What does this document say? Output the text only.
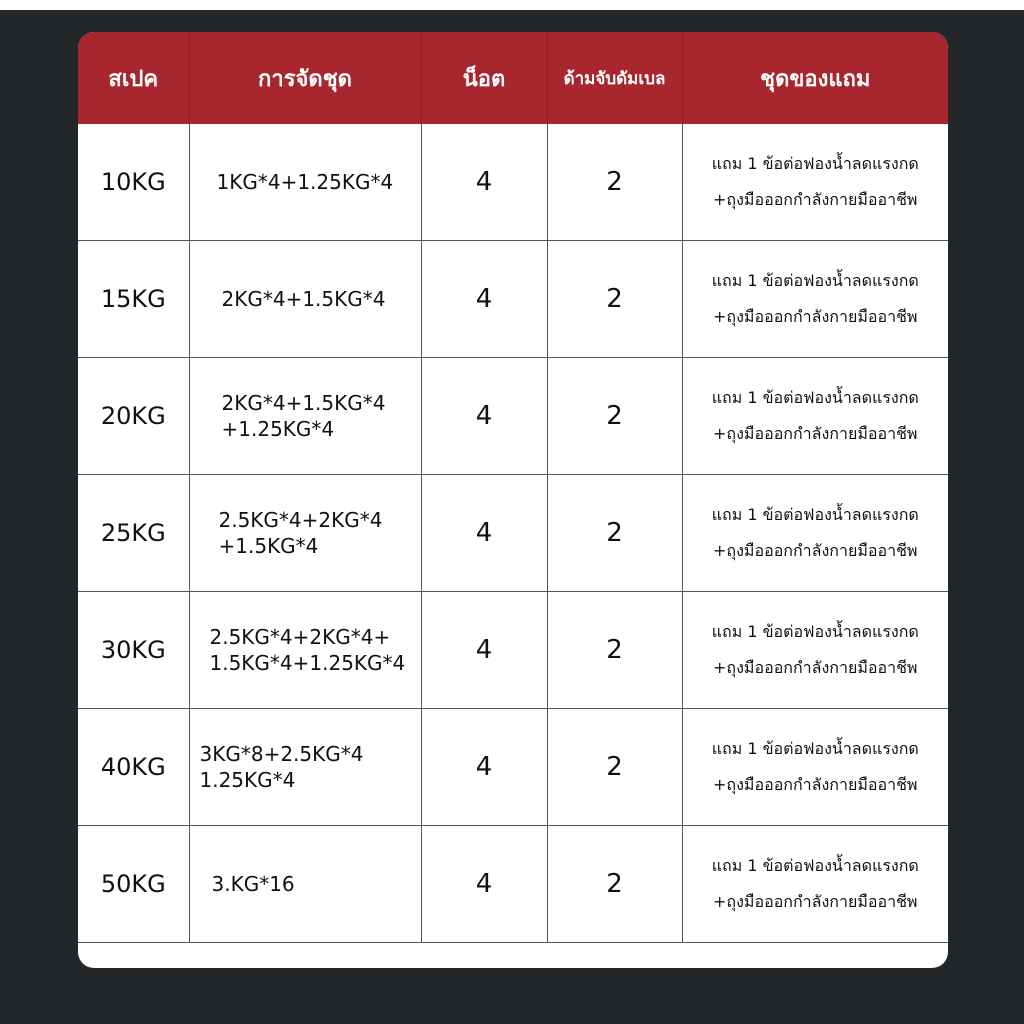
สเปค	การจัดชุด	น็อต	ด้ามจับดัมเบล	ชุดของแถม
10KG	1KG*4+1.25KG*4	4	2	แถม 1 ข้อต่อฟองน้ำลดแรงกด
+ถุงมือออกกำลังกายมืออาชีพ

15KG	2KG*4+1.5KG*4	4	2	แถม 1 ข้อต่อฟองน้ำลดแรงกด
+ถุงมือออกกำลังกายมืออาชีพ

20KG	2KG*4+1.5KG*4
+1.25KG*4	4	2	แถม 1 ข้อต่อฟองน้ำลดแรงกด
+ถุงมือออกกำลังกายมืออาชีพ

25KG	2.5KG*4+2KG*4
+1.5KG*4	4	2	แถม 1 ข้อต่อฟองน้ำลดแรงกด
+ถุงมือออกกำลังกายมืออาชีพ

30KG	2.5KG*4+2KG*4+
1.5KG*4+1.25KG*4	4	2	แถม 1 ข้อต่อฟองน้ำลดแรงกด
+ถุงมือออกกำลังกายมืออาชีพ

40KG	3KG*8+2.5KG*4
1.25KG*4	4	2	แถม 1 ข้อต่อฟองน้ำลดแรงกด
+ถุงมือออกกำลังกายมืออาชีพ

50KG	3.KG*16	4	2	แถม 1 ข้อต่อฟองน้ำลดแรงกด
+ถุงมือออกกำลังกายมืออาชีพ
